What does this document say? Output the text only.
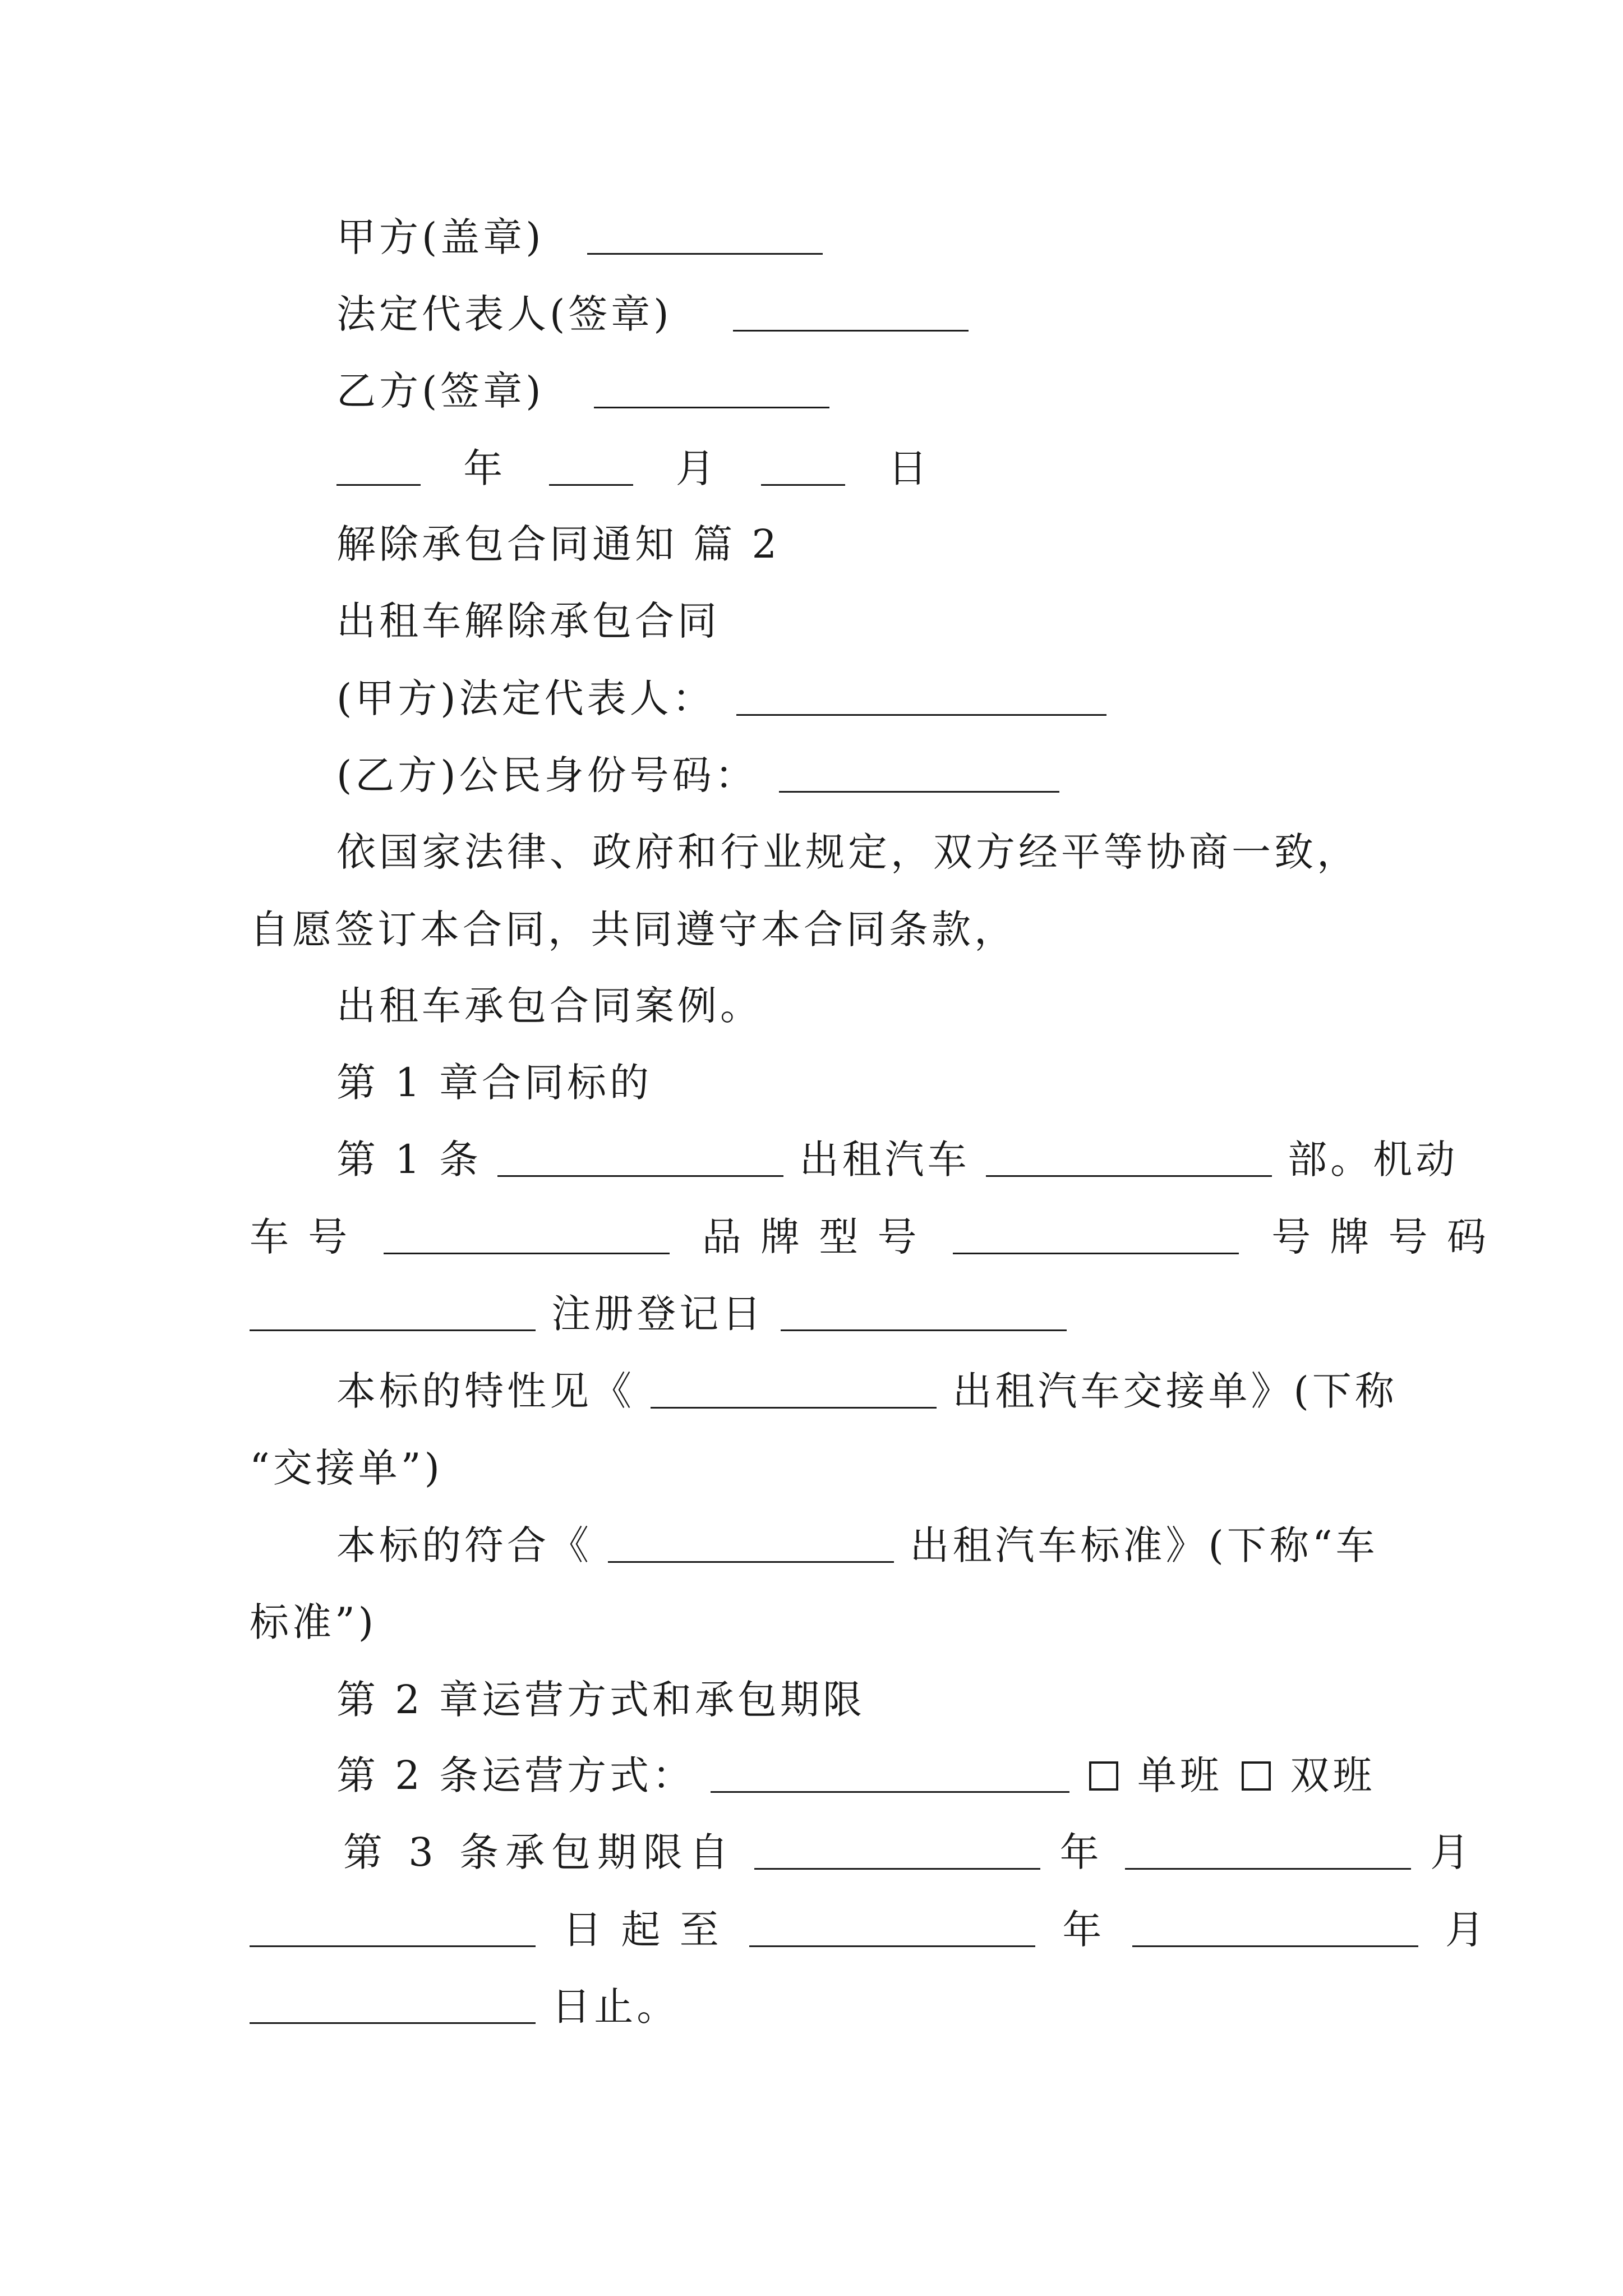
甲方(盖章)
法定代表人(签章)
乙方(签章)
年	月	日
解除承包合同通知 篇 2
出租车解除承包合同
(甲方)法定代表人：
(乙方)公民身份号码：
依国家法律、政府和行业规定，双方经平等协商一致，
自愿签订本合同，共同遵守本合同条款，
出租车承包合同案例。
第 1 章合同标的
第 1 条	出租汽车	部。机动
车 号	品 牌 型 号	号 牌 号 码
注册登记日
本标的特性见《	出租汽车交接单》(下称
“交接单”)
本标的符合《	出租汽车标准》(下称“车
标准”)
第 2 章运营方式和承包期限
第 2 条运营方式：	单班 双班
第 3 条承包期限自	年	月
日 起 至	年	月
日止。
